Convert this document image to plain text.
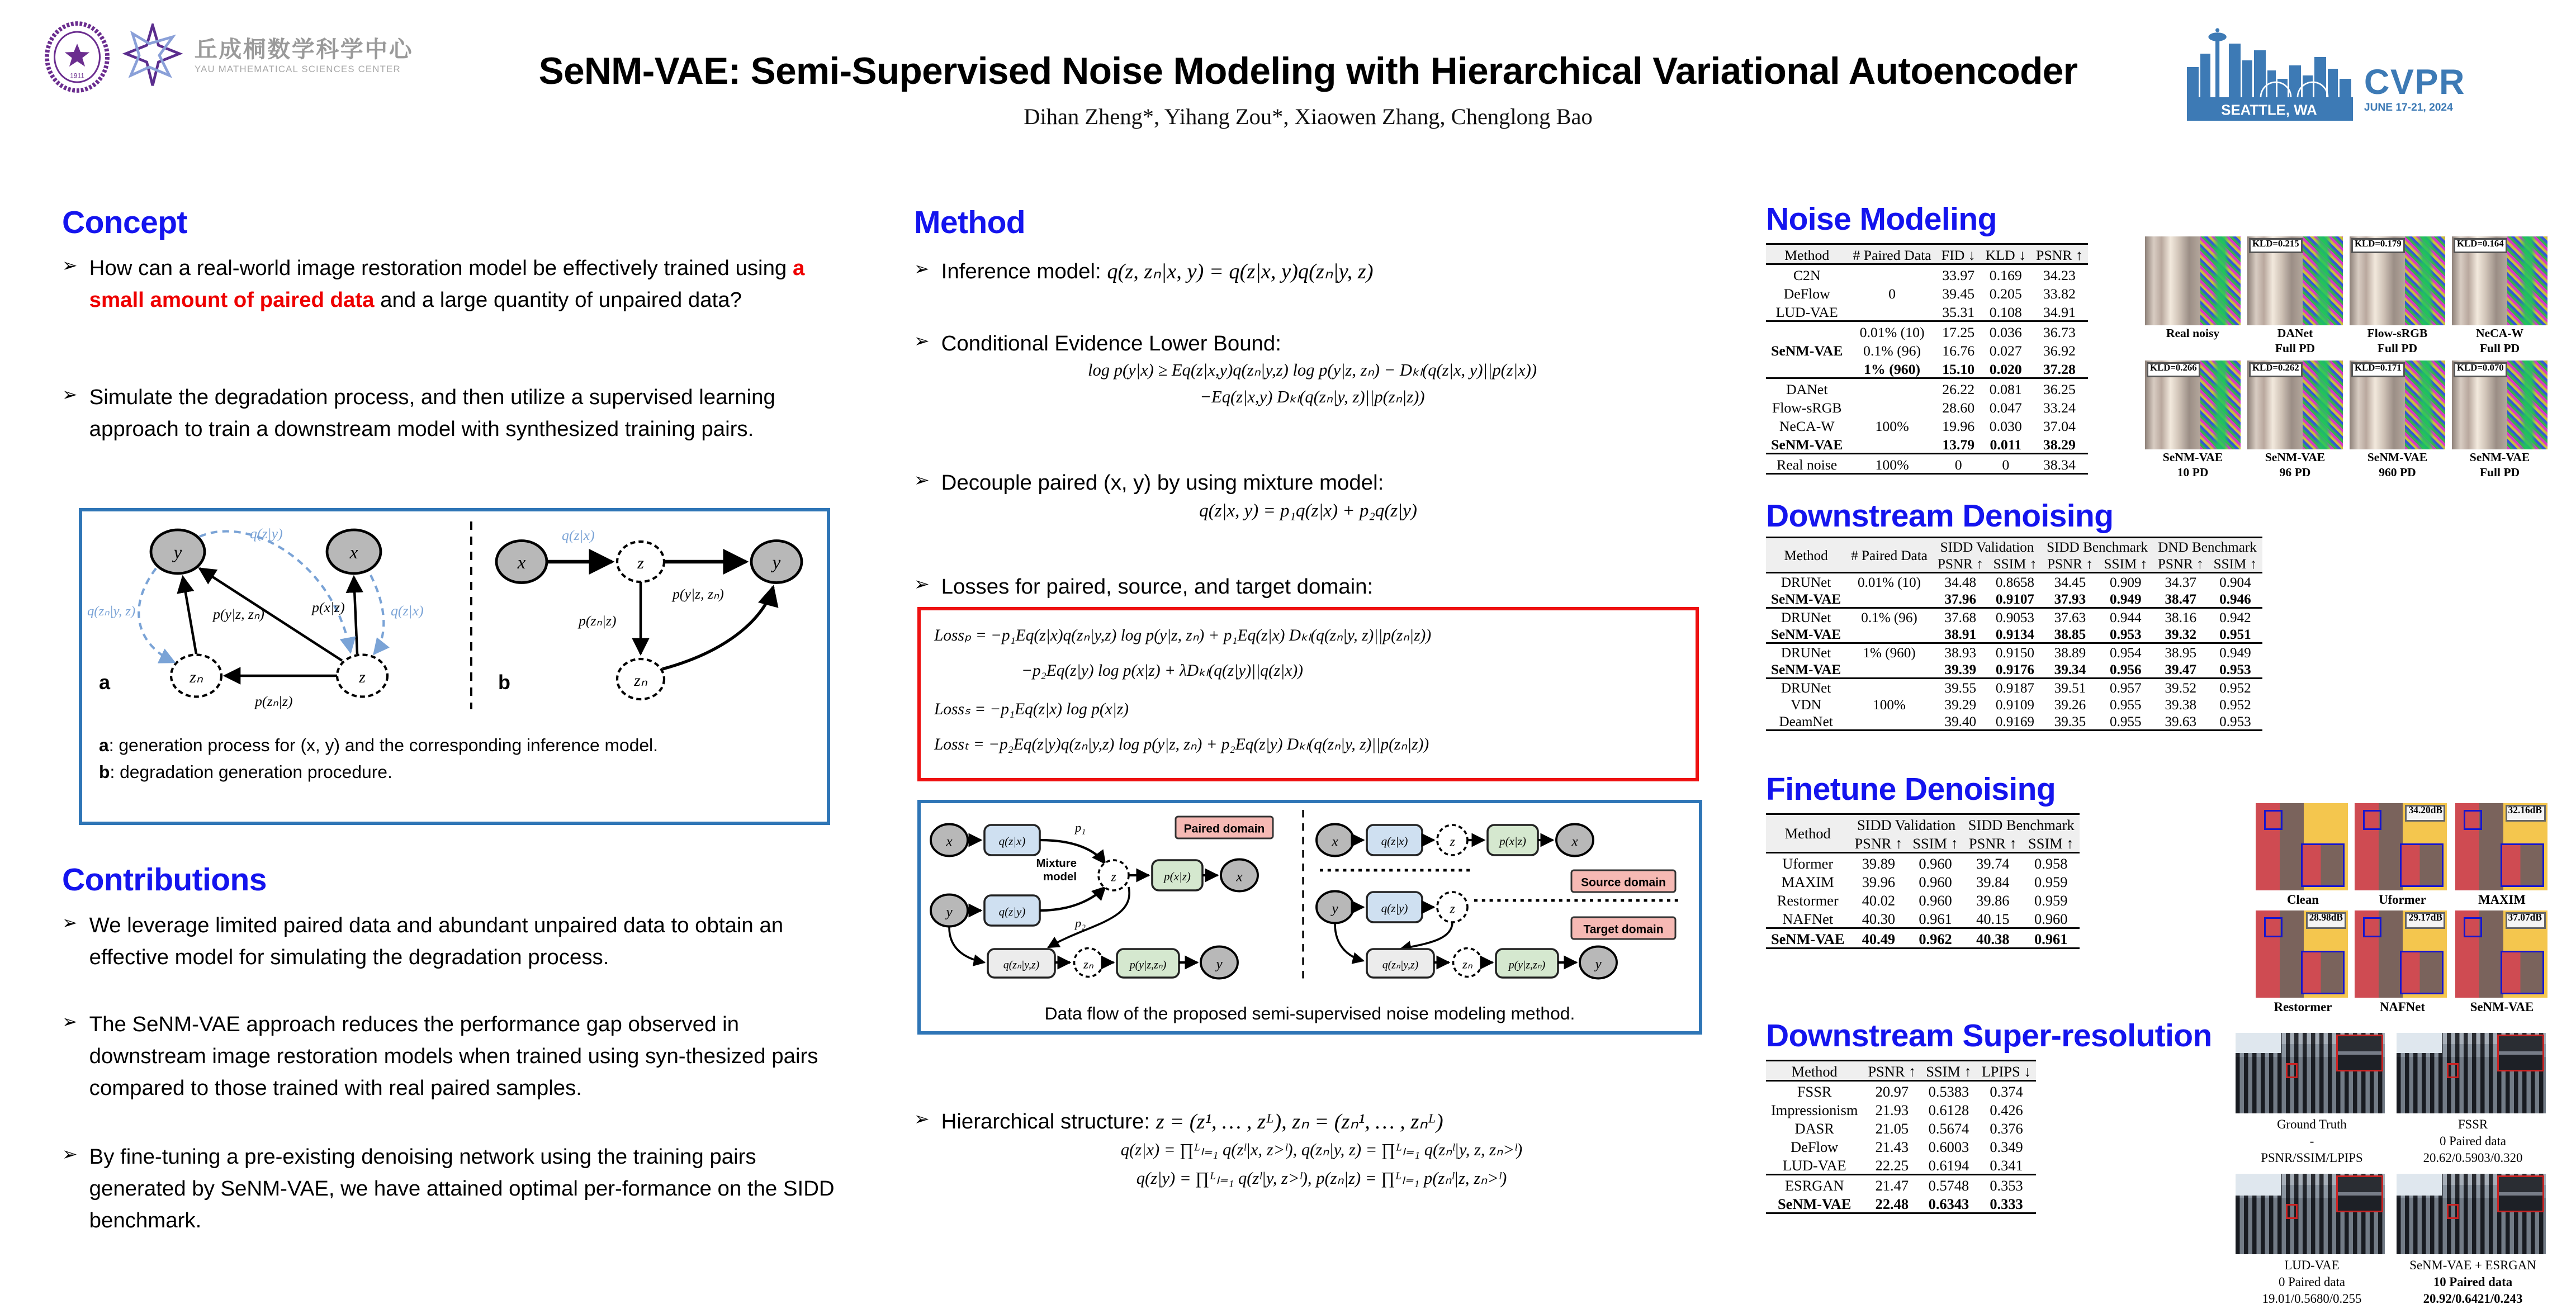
1911
丘成桐数学科学中心
YAU MATHEMATICAL SCIENCES CENTER	SeNM-VAE: Semi-Supervised Noise Modeling with Hierarchical Variational Autoencoder
Dihan Zheng*, Yihang Zou*, Xiaowen Zhang, Chenglong Bao	SEATTLE, WA
CVPR
JUNE 17-21, 2024
Concept
➢ How can a real-world image restoration model be effectively trained using a small amount of paired data and a large quantity of unpaired data?
➢ Simulate the degradation process, and then utilize a supervised learning approach to train a downstream model with synthesized training pairs.
y	x
zₙ	z
q(z|y)
p(x|z)
q(zₙ|y, z)	p(y|z, zₙ)	q(z|x)
p(zₙ|z)
a
x	z	y
zₙ
q(z|x)
p(y|z, zₙ)
p(zₙ|z)
b
a: generation process for (x, y) and the corresponding inference model.
b: degradation generation procedure.
Contributions
➢ We leverage limited paired data and abundant unpaired data to obtain an effective model for simulating the degradation process.
➢ The SeNM-VAE approach reduces the performance gap observed in downstream image restoration models when trained using syn-thesized pairs compared to those trained with real paired samples.
➢ By fine-tuning a pre-existing denoising network using the training pairs generated by SeNM-VAE, we have attained optimal per-formance on the SIDD benchmark.
Method
➢ Inference model: q(z, zₙ|x, y) = q(z|x, y)q(zₙ|y, z)
➢ Conditional Evidence Lower Bound:
log p(y|x) ≥ Eq(z|x,y)q(zₙ|y,z) log p(y|z, zₙ) − Dₖₗ(q(z|x, y)||p(z|x))
−Eq(z|x,y) Dₖₗ(q(zₙ|y, z)||p(zₙ|z))
➢ Decouple paired (x, y) by using mixture model:
q(z|x, y) = p₁q(z|x) + p₂q(z|y)
➢ Losses for paired, source, and target domain:
Lossₚ = −p₁Eq(z|x)q(zₙ|y,z) log p(y|z, zₙ) + p₁Eq(z|x) Dₖₗ(q(zₙ|y, z)||p(zₙ|z))
−p₂Eq(z|y) log p(x|z) + λDₖₗ(q(z|y)||q(z|x))
Lossₛ = −p₁Eq(z|x) log p(x|z)
Lossₜ = −p₂Eq(z|y)q(zₙ|y,z) log p(y|z, zₙ) + p₂Eq(z|y) Dₖₗ(q(zₙ|y, z)||p(zₙ|z))
x	q(z|x)
p₁
y	q(z|y)
p₂
z
Mixture
model	p(x|z)	x
q(zₙ|y,z)	zₙ	p(y|z,zₙ)	y
Paired domain
x	q(z|x)	z	p(x|z)	x
Source domain
y	q(z|y)	z
Target domain
q(zₙ|y,z)	zₙ	p(y|z,zₙ)	y
Data flow of the proposed semi-supervised noise modeling method.
➢ Hierarchical structure: z = (z¹, … , zᴸ), zₙ = (zₙ¹, … , zₙᴸ)
q(z|x) = ∏ᴸₗ₌₁ q(zˡ|x, z>ˡ), q(zₙ|y, z) = ∏ᴸₗ₌₁ q(zₙˡ|y, z, zₙ>ˡ)
q(z|y) = ∏ᴸₗ₌₁ q(zˡ|y, z>ˡ), p(zₙ|z) = ∏ᴸₗ₌₁ p(zₙˡ|z, zₙ>ˡ)
Noise Modeling
Method	# Paired Data	FID ↓	KLD ↓	PSNR ↑
C2N		33.97	0.169	34.23
DeFlow	0	39.45	0.205	33.82
LUD-VAE		35.31	0.108	34.91
	0.01% (10)	17.25	0.036	36.73
SeNM-VAE	0.1% (96)	16.76	0.027	36.92
	1% (960)	15.10	0.020	37.28
DANet		26.22	0.081	36.25
Flow-sRGB		28.60	0.047	33.24
NeCA-W	100%	19.96	0.030	37.04
SeNM-VAE		13.79	0.011	38.29
Real noise	100%	0	0	38.34
Real noisy
KLD=0.215
DANet
Full PD
KLD=0.179
Flow-sRGB
Full PD
KLD=0.164
NeCA-W
Full PD
KLD=0.266
SeNM-VAE
10 PD
KLD=0.262
SeNM-VAE
96 PD
KLD=0.171
SeNM-VAE
960 PD
KLD=0.070
SeNM-VAE
Full PD
Downstream Denoising
Method	# Paired Data	SIDD Validation		SIDD Benchmark		DND Benchmark	
		PSNR ↑	SSIM ↑	PSNR ↑	SSIM ↑	PSNR ↑	SSIM ↑
DRUNet	0.01% (10)	34.48	0.8658	34.45	0.909	34.37	0.904
SeNM-VAE		37.96	0.9107	37.93	0.949	38.47	0.946
DRUNet	0.1% (96)	37.68	0.9053	37.63	0.944	38.16	0.942
SeNM-VAE		38.91	0.9134	38.85	0.953	39.32	0.951
DRUNet	1% (960)	38.93	0.9150	38.89	0.954	38.95	0.949
SeNM-VAE		39.39	0.9176	39.34	0.956	39.47	0.953
DRUNet		39.55	0.9187	39.51	0.957	39.52	0.952
VDN	100%	39.29	0.9109	39.26	0.955	39.38	0.952
DeamNet		39.40	0.9169	39.35	0.955	39.63	0.953
Finetune Denoising
Method	SIDD Validation		SIDD Benchmark	
	PSNR ↑	SSIM ↑	PSNR ↑	SSIM ↑
Uformer	39.89	0.960	39.74	0.958
MAXIM	39.96	0.960	39.84	0.959
Restormer	40.02	0.960	39.86	0.959
NAFNet	40.30	0.961	40.15	0.960
SeNM-VAE	40.49	0.962	40.38	0.961
Clean
34.20dB
Uformer
32.16dB
MAXIM
28.98dB
Restormer
29.17dB
NAFNet
37.07dB
SeNM-VAE
Downstream Super-resolution
Method	PSNR ↑	SSIM ↑	LPIPS ↓
FSSR	20.97	0.5383	0.374
Impressionism	21.93	0.6128	0.426
DASR	21.05	0.5674	0.376
DeFlow	21.43	0.6003	0.349
LUD-VAE	22.25	0.6194	0.341
ESRGAN	21.47	0.5748	0.353
SeNM-VAE	22.48	0.6343	0.333
Ground Truth
-
PSNR/SSIM/LPIPS
FSSR
0 Paired data
20.62/0.5903/0.320
LUD-VAE
0 Paired data
19.01/0.5680/0.255
SeNM-VAE + ESRGAN
10 Paired data
20.92/0.6421/0.243
